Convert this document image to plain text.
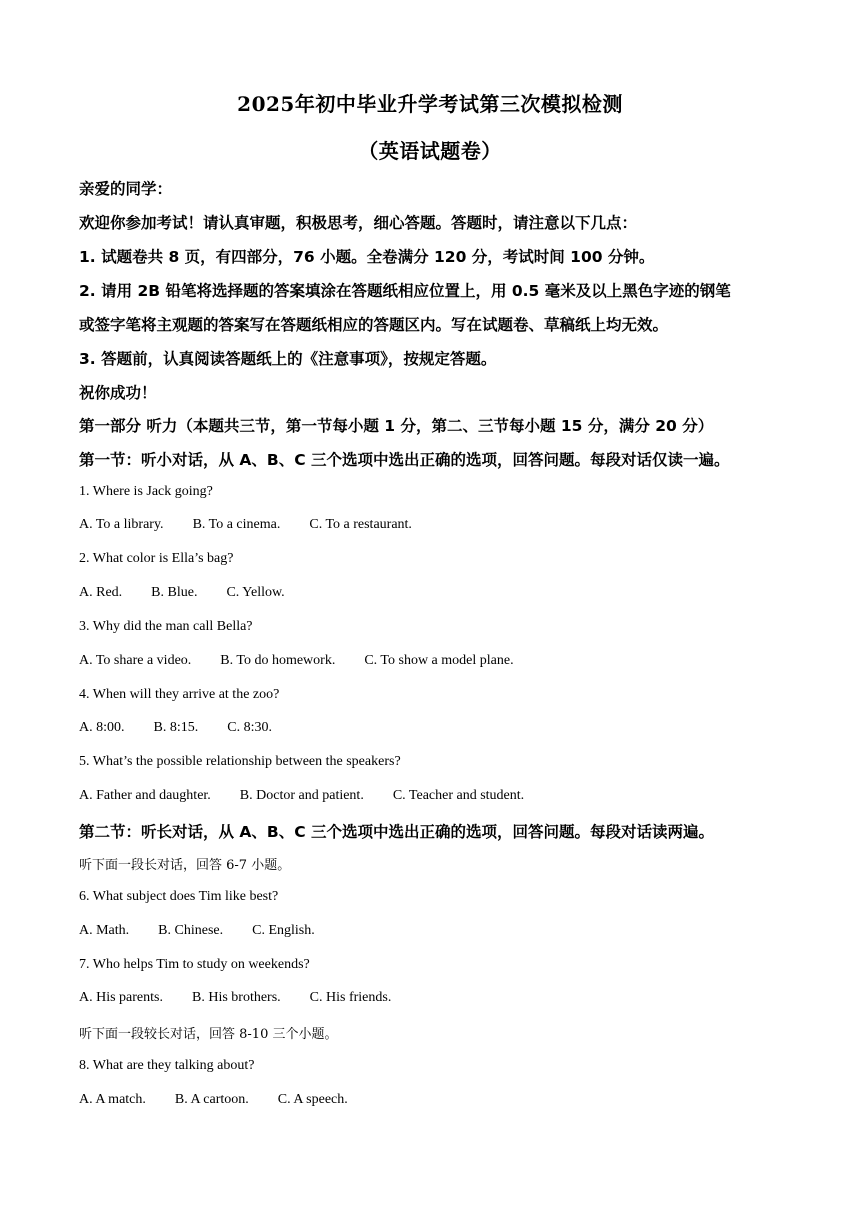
2025年初中毕业升学考试第三次模拟检测
（英语试题卷）
亲爱的同学：
欢迎你参加考试！请认真审题，积极思考，细心答题。答题时，请注意以下几点：
1. 试题卷共 8 页，有四部分，76 小题。全卷满分 120 分，考试时间 100 分钟。
2. 请用 2B 铅笔将选择题的答案填涂在答题纸相应位置上，用 0.5 毫米及以上黑色字迹的钢笔
或签字笔将主观题的答案写在答题纸相应的答题区内。写在试题卷、草稿纸上均无效。
3. 答题前，认真阅读答题纸上的《注意事项》，按规定答题。
祝你成功！
第一部分 听力（本题共三节，第一节每小题 1 分，第二、三节每小题 15 分，满分 20 分）
第一节：听小对话，从 A、B、C 三个选项中选出正确的选项，回答问题。每段对话仅读一遍。
1. Where is Jack going?
A. To a library. B. To a cinema. C. To a restaurant.
2. What color is Ella’s bag?
A. Red. B. Blue. C. Yellow.
3. Why did the man call Bella?
A. To share a video. B. To do homework. C. To show a model plane.
4. When will they arrive at the zoo?
A. 8:00. B. 8:15. C. 8:30.
5. What’s the possible relationship between the speakers?
A. Father and daughter. B. Doctor and patient. C. Teacher and student.
第二节：听长对话，从 A、B、C 三个选项中选出正确的选项，回答问题。每段对话读两遍。
听下面一段长对话，回答 6-7 小题。
6. What subject does Tim like best?
A. Math. B. Chinese. C. English.
7. Who helps Tim to study on weekends?
A. His parents. B. His brothers. C. His friends.
听下面一段较长对话，回答 8-10 三个小题。
8. What are they talking about?
A. A match. B. A cartoon. C. A speech.
